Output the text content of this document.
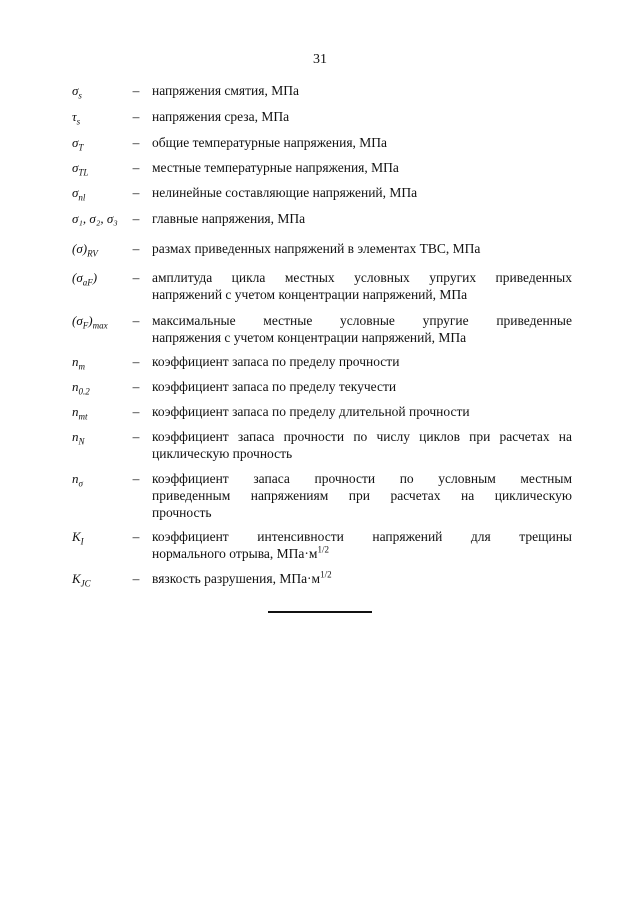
31
$\sigma_s$	– напряжения смятия, МПа
$\tau_s$	– напряжения среза, МПа
$\sigma_T$	– общие температурные напряжения, МПа
$\sigma_{TL}$	– местные температурные напряжения, МПа
$\sigma_{nl}$	– нелинейные составляющие напряжений, МПа
σ₁, σ₂, σ₃	– главные напряжения, МПа
$(\sigma)_{RV}$	– размах приведенных напряжений в элементах ТВС, МПа
$(\sigma_{aF})$	– амплитуда цикла местных условных упругих приведенных
напряжений с учетом концентрации напряжений, МПа
$(\sigma_F)_{max}$	– максимальные местные условные упругие приведенные
напряжения с учетом концентрации напряжений, МПа
$n_m$	– коэффициент запаса по пределу прочности
$n_{0.2}$	– коэффициент запаса по пределу текучести
$n_{mt}$	– коэффициент запаса по пределу длительной прочности
$n_N$	– коэффициент запаса прочности по числу циклов при расчетах на
циклическую прочность
$n_\sigma$	– коэффициент запаса прочности по условным местным
приведенным напряжениям при расчетах на циклическую
прочность
$K_I$	– коэффициент интенсивности напряжений для трещины
нормального отрыва, $МПа\cdot м^{1/2}$
$K_{JC}$	– вязкость разрушения, $МПа\cdot м^{1/2}$
